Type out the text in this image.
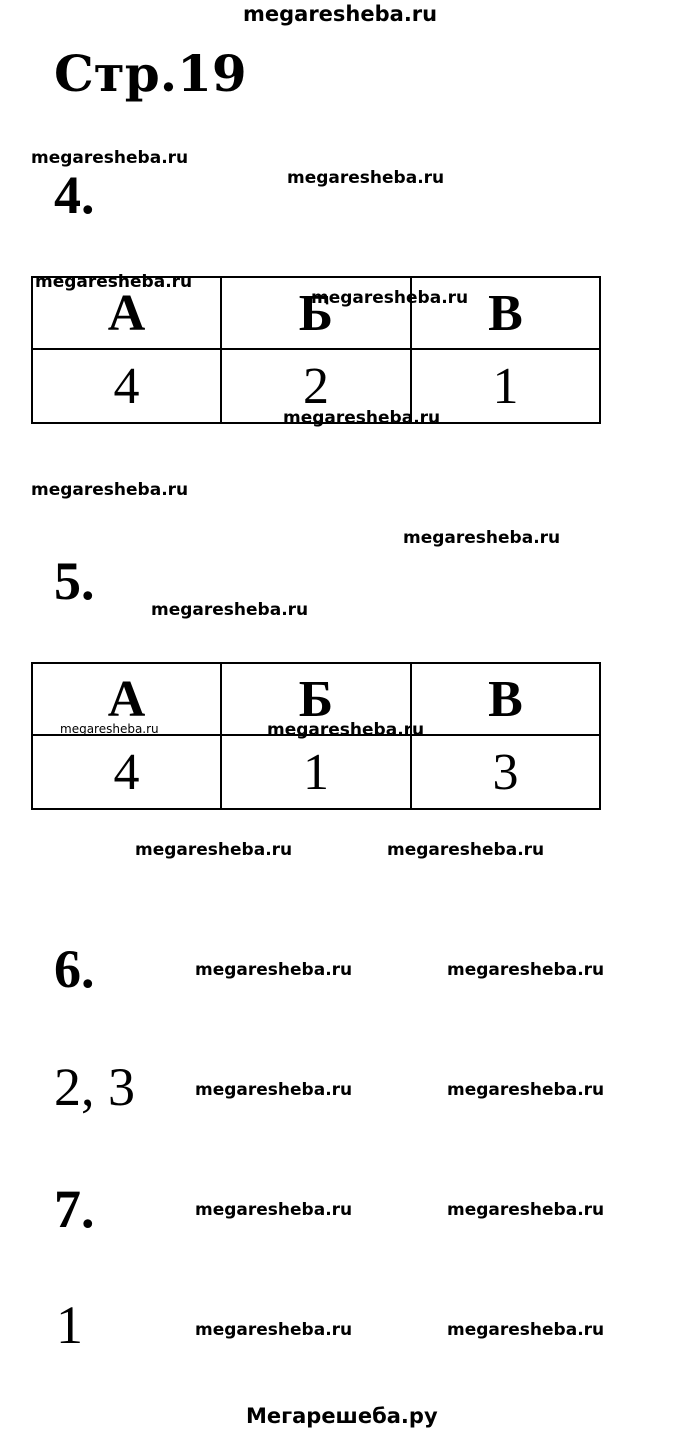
megaresheba.ru
Стр.19
megaresheba.ru
4.	megaresheba.ru
А	Б	В
4	2	1
megaresheba.ru
megaresheba.ru
megaresheba.ru
megaresheba.ru
megaresheba.ru
5.	megaresheba.ru
А	Б	В
4	1	3
megaresheba.ru	megaresheba.ru
megaresheba.ru	megaresheba.ru
6.	megaresheba.ru	megaresheba.ru
2, 3	megaresheba.ru	megaresheba.ru
7.	megaresheba.ru	megaresheba.ru
1	megaresheba.ru	megaresheba.ru
Мегарешеба.ру
